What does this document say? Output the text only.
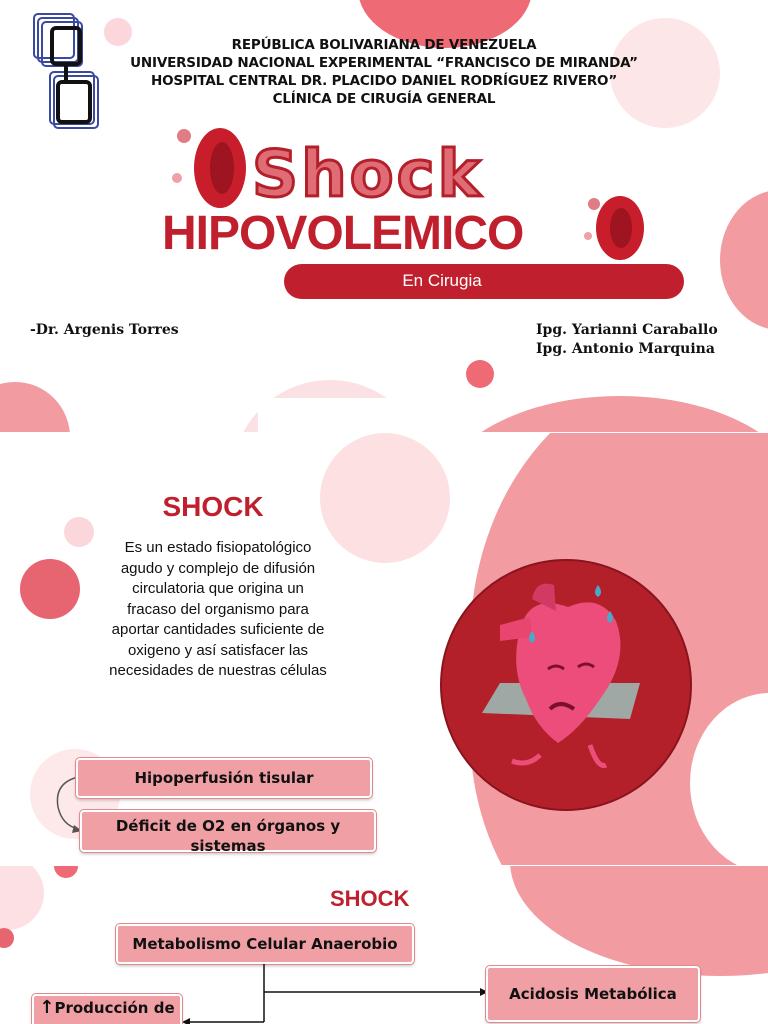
REPÚBLICA BOLIVARIANA DE VENEZUELA
UNIVERSIDAD NACIONAL EXPERIMENTAL “FRANCISCO DE MIRANDA”
HOSPITAL CENTRAL DR. PLACIDO DANIEL RODRÍGUEZ RIVERO”
CLÍNICA DE CIRUGÍA GENERAL
Shock
HIPOVOLEMICO
En Cirugia
-Dr. Argenis Torres	Ipg. Yarianni Caraballo
Ipg. Antonio Marquina
SHOCK
Es un estado fisiopatológico agudo y complejo de difusión circulatoria que origina un fracaso del organismo para aportar cantidades suficiente de oxigeno y así satisfacer las necesidades de nuestras células
Hipoperfusión tisular
Déficit de O2 en órganos y sistemas
SHOCK
Metabolismo Celular Anaerobio
Acidosis Metabólica
↑Producción de
